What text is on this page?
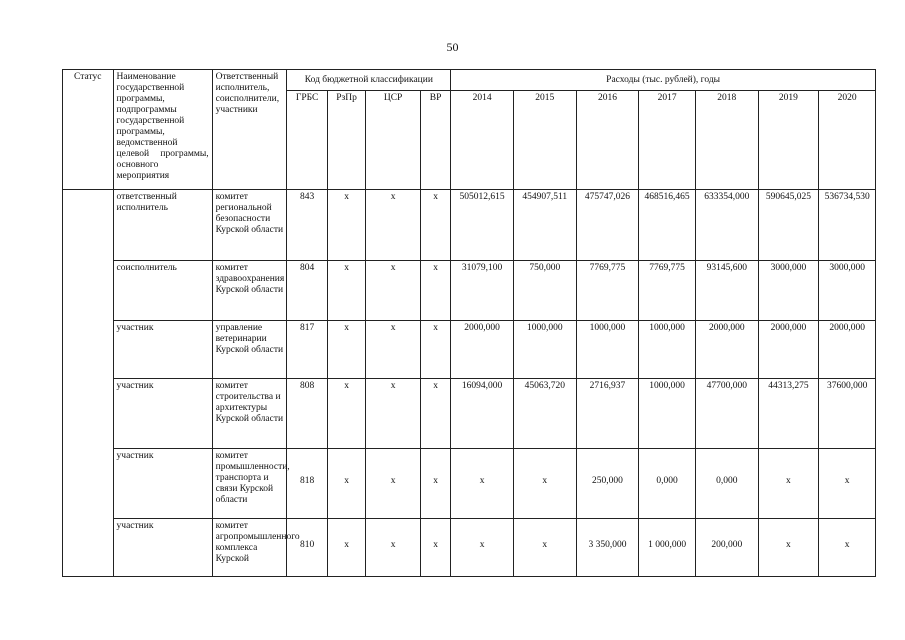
50
Статус	Наименование государственной программы, подпрограммы государственной программы, ведомственной целевой программы, основного мероприятия	Ответственный исполнитель, соисполнители, участники	Код бюджетной классификации				Расходы (тыс. рублей), годы						
			ГРБС	РзПр	ЦСР	ВР	2014	2015	2016	2017	2018	2019	2020
	ответственный исполнитель	комитет региональной безопасности Курской области	843	х	х	х	505012,615	454907,511	475747,026	468516,465	633354,000	590645,025	536734,530
	соисполнитель	комитет здравоохранения Курской области	804	х	х	х	31079,100	750,000	7769,775	7769,775	93145,600	3000,000	3000,000
	участник	управление ветеринарии Курской области	817	х	х	х	2000,000	1000,000	1000,000	1000,000	2000,000	2000,000	2000,000
	участник	комитет строительства и архитектуры Курской области	808	х	х	х	16094,000	45063,720	2716,937	1000,000	47700,000	44313,275	37600,000
	участник	комитет промышленности, транспорта и связи Курской области	818	х	х	х	х	х	250,000	0,000	0,000	х	х
	участник	комитет агропромышленного комплекса Курской	810	х	х	х	х	х	3 350,000	1 000,000	200,000	х	х
